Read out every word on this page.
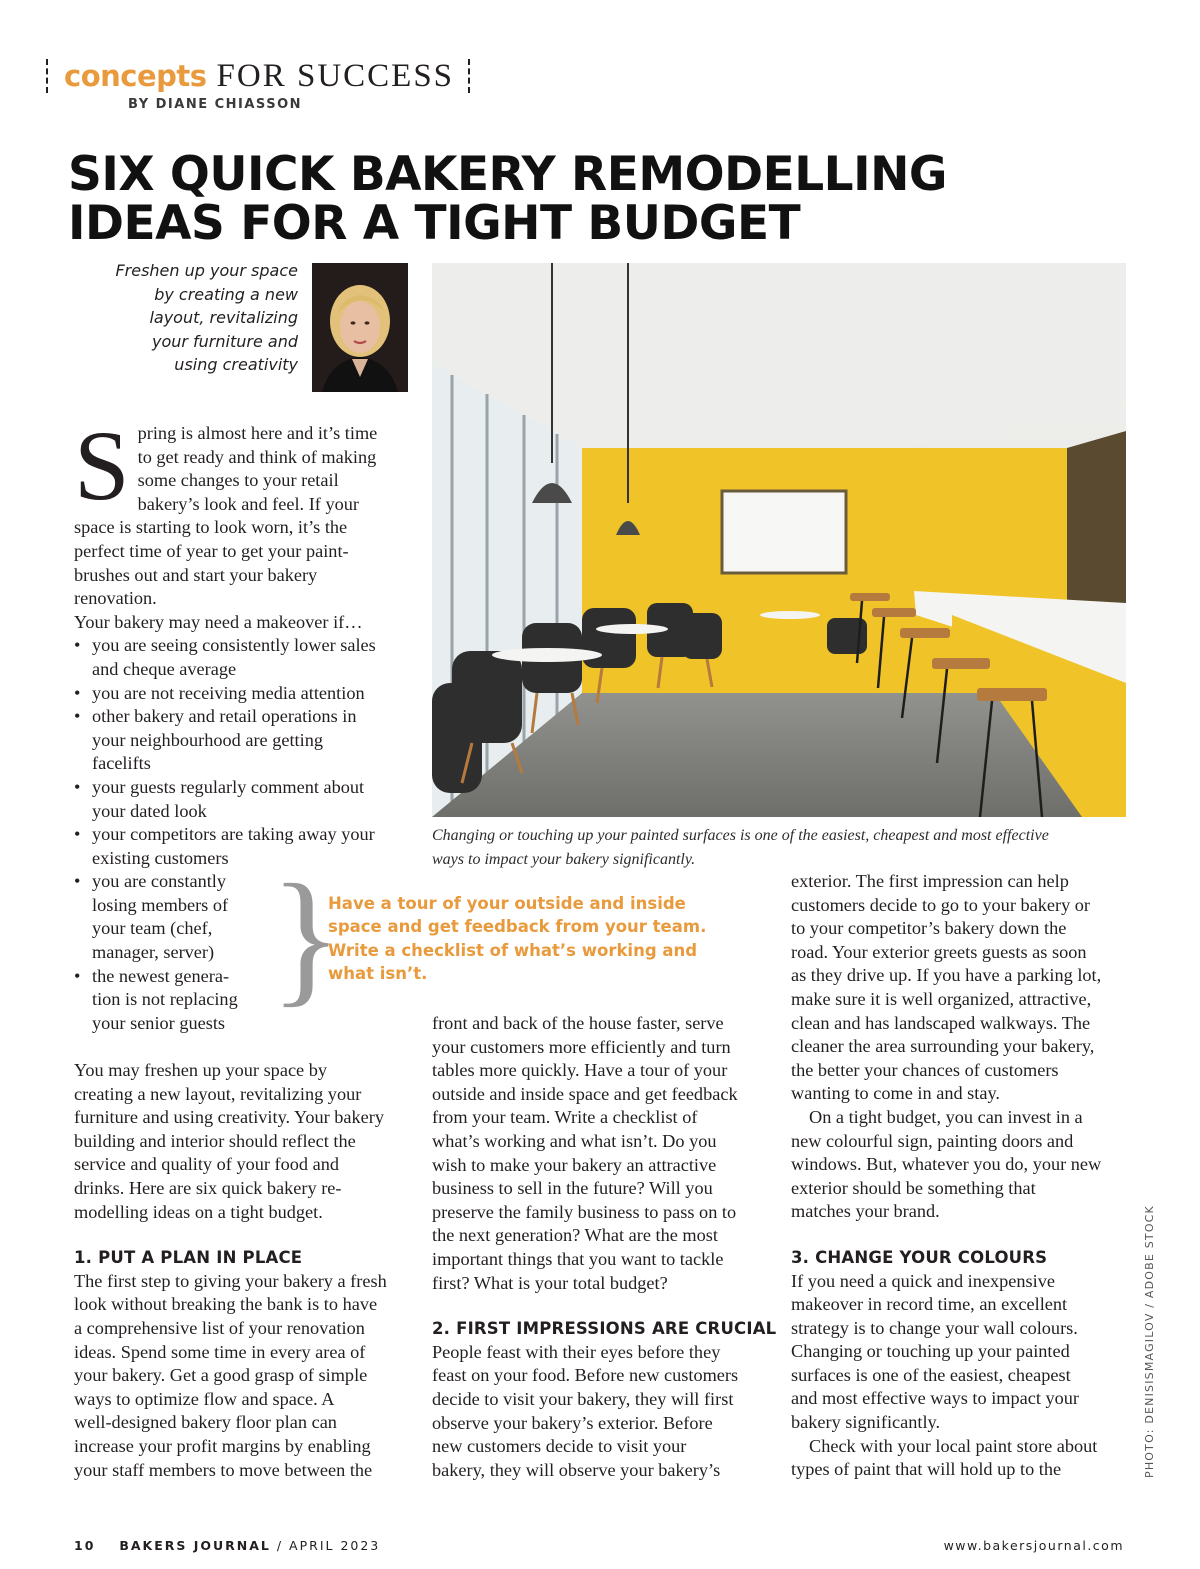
concepts FOR SUCCESS
BY DIANE CHIASSON
SIX QUICK BAKERY REMODELLING
IDEAS FOR A TIGHT BUDGET
Freshen up your space
by creating a new
layout, revitalizing
your furniture and
using creativity
Changing or touching up your painted surfaces is one of the easiest, cheapest and most effective
ways to impact your bakery significantly.
S pring is almost here and it’s time
to get ready and think of making
some changes to your retail
bakery’s look and feel. If your
space is starting to look worn, it’s the
perfect time of year to get your paint-
brushes out and start your bakery
renovation.
Your bakery may need a makeover if…
• you are seeing consistently lower sales
and cheque average
• you are not receiving media attention
• other bakery and retail operations in
your neighbourhood are getting
facelifts
• your guests regularly comment about
your dated look
• your competitors are taking away your
existing customers
• you are constantly
losing members of
your team (chef,
manager, server)
• the newest genera-
tion is not replacing
your senior guests
You may freshen up your space by
creating a new layout, revitalizing your
furniture and using creativity. Your bakery
building and interior should reflect the
service and quality of your food and
drinks. Here are six quick bakery re-
modelling ideas on a tight budget.
1. PUT A PLAN IN PLACE
The first step to giving your bakery a fresh
look without breaking the bank is to have
a comprehensive list of your renovation
ideas. Spend some time in every area of
your bakery. Get a good grasp of simple
ways to optimize flow and space. A
well-designed bakery floor plan can
increase your profit margins by enabling
your staff members to move between the
}
Have a tour of your outside and inside
space and get feedback from your team.
Write a checklist of what’s working and
what isn’t.
front and back of the house faster, serve
your customers more efficiently and turn
tables more quickly. Have a tour of your
outside and inside space and get feedback
from your team. Write a checklist of
what’s working and what isn’t. Do you
wish to make your bakery an attractive
business to sell in the future? Will you
preserve the family business to pass on to
the next generation? What are the most
important things that you want to tackle
first? What is your total budget?
2. FIRST IMPRESSIONS ARE CRUCIAL
People feast with their eyes before they
feast on your food. Before new customers
decide to visit your bakery, they will first
observe your bakery’s exterior. Before
new customers decide to visit your
bakery, they will observe your bakery’s
exterior. The first impression can help
customers decide to go to your bakery or
to your competitor’s bakery down the
road. Your exterior greets guests as soon
as they drive up. If you have a parking lot,
make sure it is well organized, attractive,
clean and has landscaped walkways. The
cleaner the area surrounding your bakery,
the better your chances of customers
wanting to come in and stay.
On a tight budget, you can invest in a
new colourful sign, painting doors and
windows. But, whatever you do, your new
exterior should be something that
matches your brand.
3. CHANGE YOUR COLOURS
If you need a quick and inexpensive
makeover in record time, an excellent
strategy is to change your wall colours.
Changing or touching up your painted
surfaces is one of the easiest, cheapest
and most effective ways to impact your
bakery significantly.
Check with your local paint store about
types of paint that will hold up to the	PHOTO: DENISISMAGILOV / ADOBE STOCK
10 BAKERS JOURNAL / APRIL 2023	www.bakersjournal.com
